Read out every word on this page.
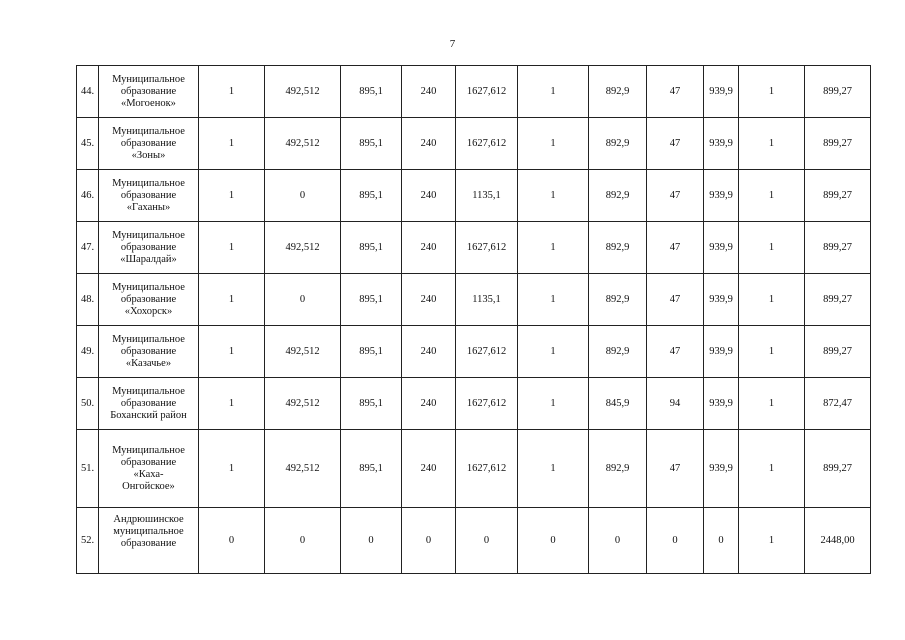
7
44.	Муниципальное
образование
«Могоенок»	1	492,512	895,1	240	1627,612	1	892,9	47	939,9	1	899,27
45.	Муниципальное
образование
«Зоны»	1	492,512	895,1	240	1627,612	1	892,9	47	939,9	1	899,27
46.	Муниципальное
образование
«Гаханы»	1	0	895,1	240	1135,1	1	892,9	47	939,9	1	899,27
47.	Муниципальное
образование
«Шаралдай»	1	492,512	895,1	240	1627,612	1	892,9	47	939,9	1	899,27
48.	Муниципальное
образование
«Хохорск»	1	0	895,1	240	1135,1	1	892,9	47	939,9	1	899,27
49.	Муниципальное
образование
«Казачье»	1	492,512	895,1	240	1627,612	1	892,9	47	939,9	1	899,27
50.	Муниципальное
образование
Боханский район	1	492,512	895,1	240	1627,612	1	845,9	94	939,9	1	872,47
51.	Муниципальное
образование
«Каха-
Онгойское»	1	492,512	895,1	240	1627,612	1	892,9	47	939,9	1	899,27
52.	Андрюшинское
муниципальное
образование	0	0	0	0	0	0	0	0	0	1	2448,00
